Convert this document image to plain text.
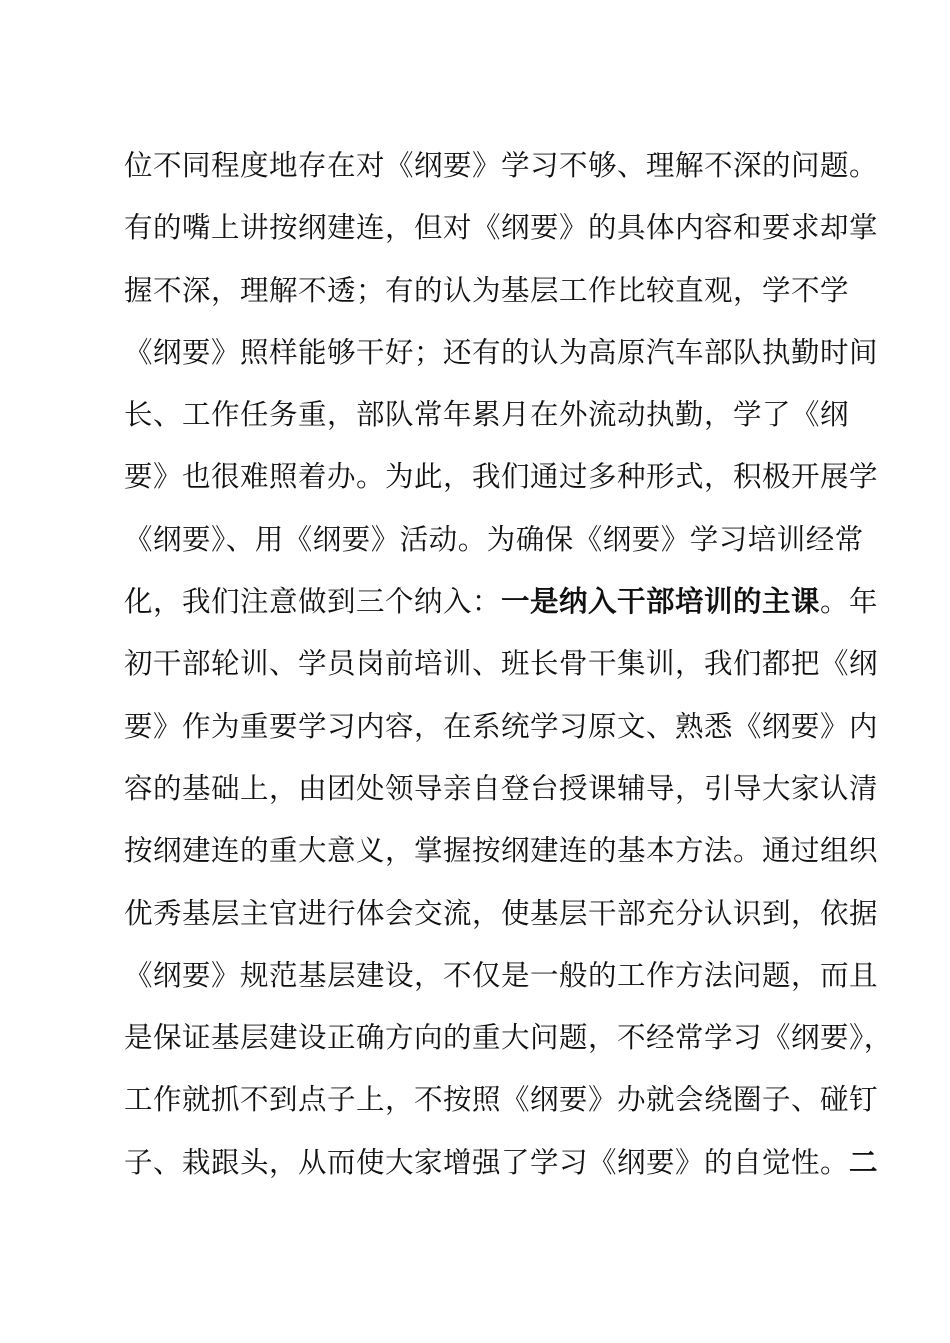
位不同程度地存在对《纲要》学习不够、理解不深的问题。
有的嘴上讲按纲建连，但对《纲要》的具体内容和要求却掌
握不深，理解不透；有的认为基层工作比较直观，学不学
《纲要》照样能够干好；还有的认为高原汽车部队执勤时间
长、工作任务重，部队常年累月在外流动执勤，学了《纲
要》也很难照着办。为此，我们通过多种形式，积极开展学
《纲要》、用《纲要》活动。为确保《纲要》学习培训经常
化，我们注意做到三个纳入：一是纳入干部培训的主课。年
初干部轮训、学员岗前培训、班长骨干集训，我们都把《纲
要》作为重要学习内容，在系统学习原文、熟悉《纲要》内
容的基础上，由团处领导亲自登台授课辅导，引导大家认清
按纲建连的重大意义，掌握按纲建连的基本方法。通过组织
优秀基层主官进行体会交流，使基层干部充分认识到，依据
《纲要》规范基层建设，不仅是一般的工作方法问题，而且
是保证基层建设正确方向的重大问题，不经常学习《纲要》，
工作就抓不到点子上，不按照《纲要》办就会绕圈子、碰钉
子、栽跟头，从而使大家增强了学习《纲要》的自觉性。二
